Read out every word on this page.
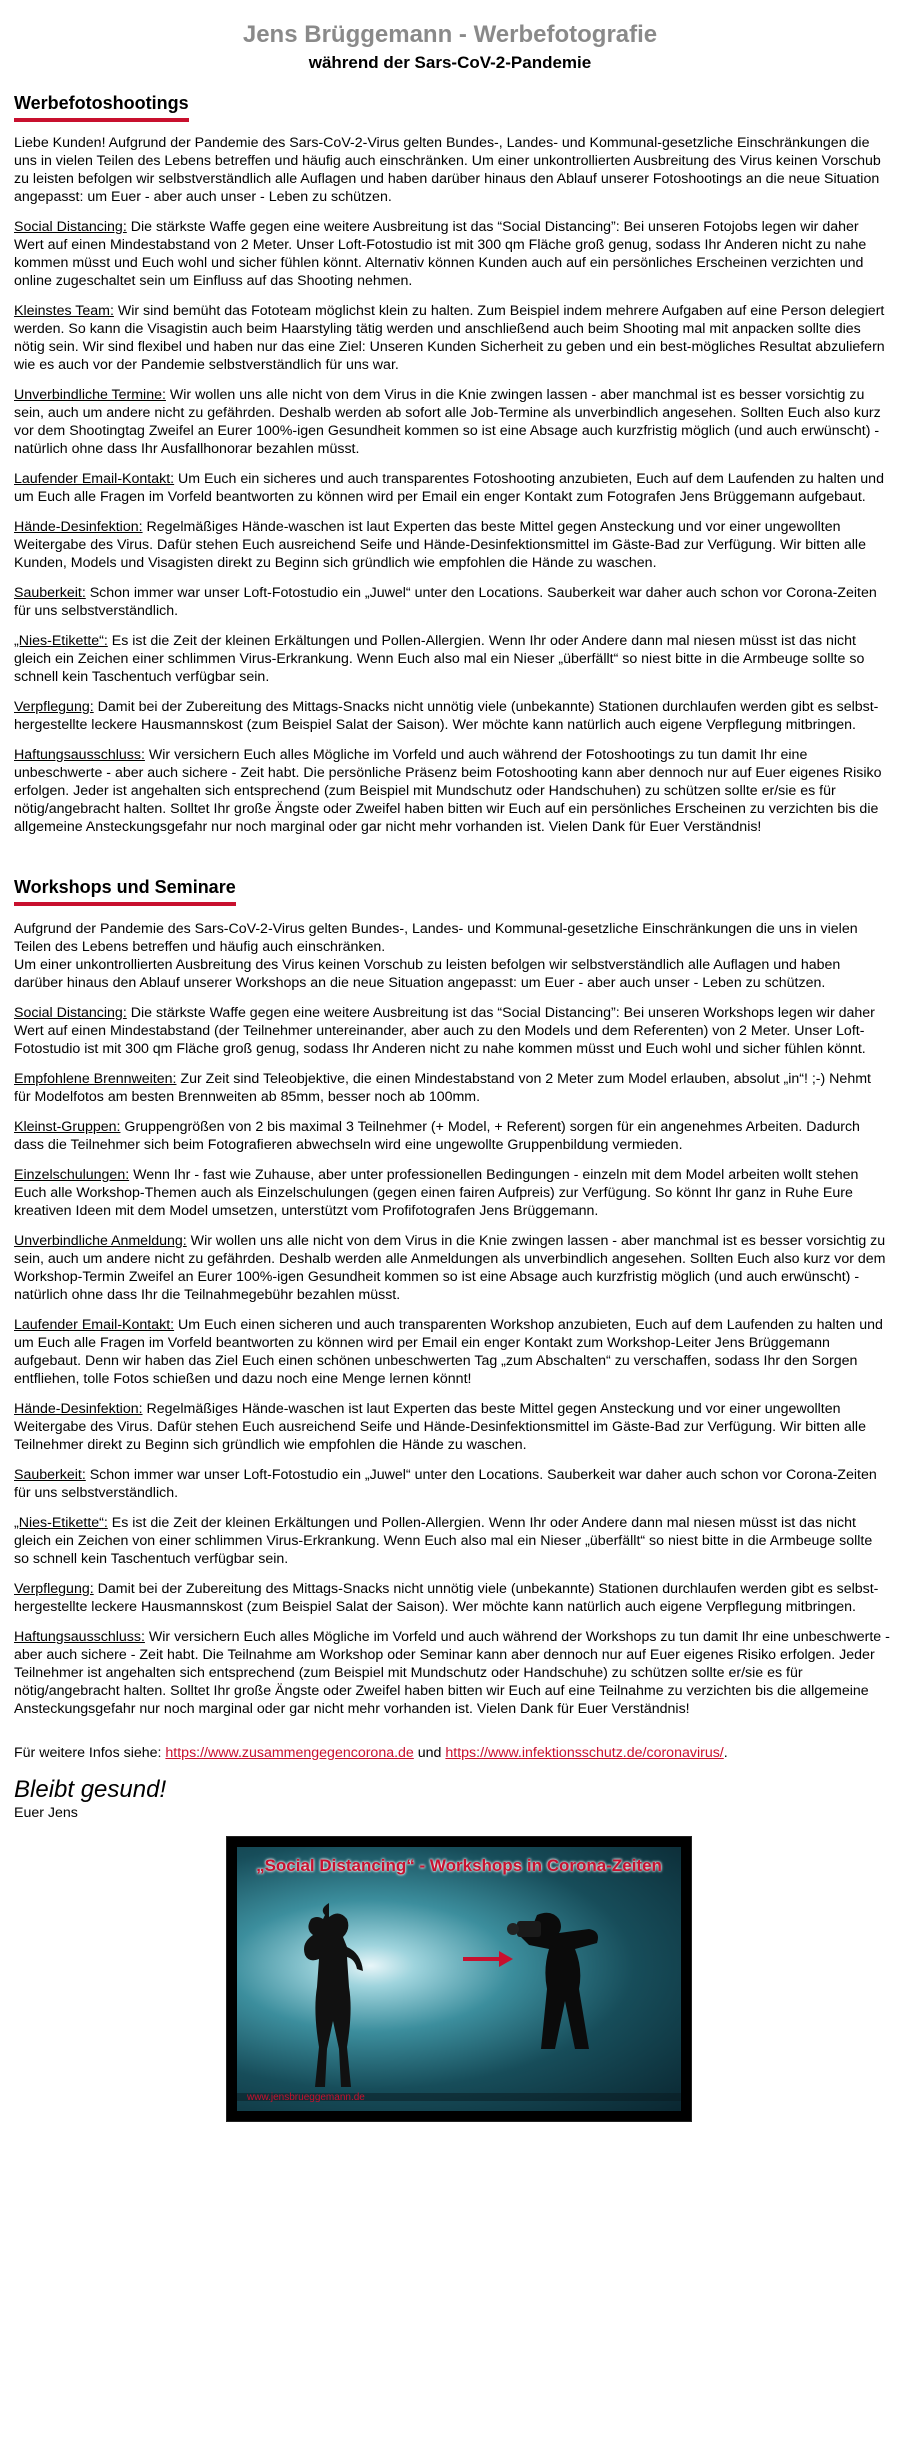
Jens Brüggemann - Werbefotografie
während der Sars-CoV-2-Pandemie
Werbefotoshootings

Liebe Kunden! Aufgrund der Pandemie des Sars-CoV-2-Virus gelten Bundes-, Landes- und Kommunal-gesetzliche Einschränkungen die uns in vielen Teilen des Lebens betreffen und häufig auch einschränken. Um einer unkontrollierten Ausbreitung des Virus keinen Vorschub zu leisten befolgen wir selbstverständlich alle Auflagen und haben darüber hinaus den Ablauf unserer Fotoshootings an die neue Situation angepasst: um Euer - aber auch unser - Leben zu schützen.

Social Distancing: Die stärkste Waffe gegen eine weitere Ausbreitung ist das “Social Distancing”: Bei unseren Fotojobs legen wir daher Wert auf einen Mindestabstand von 2 Meter. Unser Loft-Fotostudio ist mit 300 qm Fläche groß genug, sodass Ihr Anderen nicht zu nahe kommen müsst und Euch wohl und sicher fühlen könnt. Alternativ können Kunden auch auf ein persönliches Erscheinen verzichten und online zugeschaltet sein um Einfluss auf das Shooting nehmen.

Kleinstes Team: Wir sind bemüht das Fototeam möglichst klein zu halten. Zum Beispiel indem mehrere Aufgaben auf eine Person delegiert werden. So kann die Visagistin auch beim Haarstyling tätig werden und anschließend auch beim Shooting mal mit anpacken sollte dies nötig sein. Wir sind flexibel und haben nur das eine Ziel: Unseren Kunden Sicherheit zu geben und ein best-mögliches Resultat abzuliefern wie es auch vor der Pandemie selbstverständlich für uns war.

Unverbindliche Termine: Wir wollen uns alle nicht von dem Virus in die Knie zwingen lassen - aber manchmal ist es besser vorsichtig zu sein, auch um andere nicht zu gefährden. Deshalb werden ab sofort alle Job-Termine als unverbindlich angesehen. Sollten Euch also kurz vor dem Shootingtag Zweifel an Eurer 100%-igen Gesundheit kommen so ist eine Absage auch kurzfristig möglich (und auch erwünscht) - natürlich ohne dass Ihr Ausfallhonorar bezahlen müsst.

Laufender Email-Kontakt: Um Euch ein sicheres und auch transparentes Fotoshooting anzubieten, Euch auf dem Laufenden zu halten und um Euch alle Fragen im Vorfeld beantworten zu können wird per Email ein enger Kontakt zum Fotografen Jens Brüggemann aufgebaut.

Hände-Desinfektion: Regelmäßiges Hände-waschen ist laut Experten das beste Mittel gegen Ansteckung und vor einer ungewollten Weitergabe des Virus. Dafür stehen Euch ausreichend Seife und Hände-Desinfektionsmittel im Gäste-Bad zur Verfügung. Wir bitten alle Kunden, Models und Visagisten direkt zu Beginn sich gründlich wie empfohlen die Hände zu waschen.

Sauberkeit: Schon immer war unser Loft-Fotostudio ein „Juwel“ unter den Locations. Sauberkeit war daher auch schon vor Corona-Zeiten für uns selbstverständlich.

„Nies-Etikette“: Es ist die Zeit der kleinen Erkältungen und Pollen-Allergien. Wenn Ihr oder Andere dann mal niesen müsst ist das nicht gleich ein Zeichen einer schlimmen Virus-Erkrankung. Wenn Euch also mal ein Nieser „überfällt“ so niest bitte in die Armbeuge sollte so schnell kein Taschentuch verfügbar sein.

Verpflegung: Damit bei der Zubereitung des Mittags-Snacks nicht unnötig viele (unbekannte) Stationen durchlaufen werden gibt es selbst-hergestellte leckere Hausmannskost (zum Beispiel Salat der Saison). Wer möchte kann natürlich auch eigene Verpflegung mitbringen.

Haftungsausschluss: Wir versichern Euch alles Mögliche im Vorfeld und auch während der Fotoshootings zu tun damit Ihr eine unbeschwerte - aber auch sichere - Zeit habt. Die persönliche Präsenz beim Fotoshooting kann aber dennoch nur auf Euer eigenes Risiko erfolgen. Jeder ist angehalten sich entsprechend (zum Beispiel mit Mundschutz oder Handschuhen) zu schützen sollte er/sie es für nötig/angebracht halten. Solltet Ihr große Ängste oder Zweifel haben bitten wir Euch auf ein persönliches Erscheinen zu verzichten bis die allgemeine Ansteckungsgefahr nur noch marginal oder gar nicht mehr vorhanden ist. Vielen Dank für Euer Verständnis!

Workshops und Seminare

Aufgrund der Pandemie des Sars-CoV-2-Virus gelten Bundes-, Landes- und Kommunal-gesetzliche Einschränkungen die uns in vielen Teilen des Lebens betreffen und häufig auch einschränken.
Um einer unkontrollierten Ausbreitung des Virus keinen Vorschub zu leisten befolgen wir selbstverständlich alle Auflagen und haben darüber hinaus den Ablauf unserer Workshops an die neue Situation angepasst: um Euer - aber auch unser - Leben zu schützen.

Social Distancing: Die stärkste Waffe gegen eine weitere Ausbreitung ist das “Social Distancing”: Bei unseren Workshops legen wir daher Wert auf einen Mindestabstand (der Teilnehmer untereinander, aber auch zu den Models und dem Referenten) von 2 Meter. Unser Loft-Fotostudio ist mit 300 qm Fläche groß genug, sodass Ihr Anderen nicht zu nahe kommen müsst und Euch wohl und sicher fühlen könnt.

Empfohlene Brennweiten: Zur Zeit sind Teleobjektive, die einen Mindestabstand von 2 Meter zum Model erlauben, absolut „in“! ;-) Nehmt für Modelfotos am besten Brennweiten ab 85mm, besser noch ab 100mm.

Kleinst-Gruppen: Gruppengrößen von 2 bis maximal 3 Teilnehmer (+ Model, + Referent) sorgen für ein angenehmes Arbeiten. Dadurch dass die Teilnehmer sich beim Fotografieren abwechseln wird eine ungewollte Gruppenbildung vermieden.

Einzelschulungen: Wenn Ihr - fast wie Zuhause, aber unter professionellen Bedingungen - einzeln mit dem Model arbeiten wollt stehen Euch alle Workshop-Themen auch als Einzelschulungen (gegen einen fairen Aufpreis) zur Verfügung. So könnt Ihr ganz in Ruhe Eure kreativen Ideen mit dem Model umsetzen, unterstützt vom Profifotografen Jens Brüggemann.

Unverbindliche Anmeldung: Wir wollen uns alle nicht von dem Virus in die Knie zwingen lassen - aber manchmal ist es besser vorsichtig zu sein, auch um andere nicht zu gefährden. Deshalb werden alle Anmeldungen als unverbindlich angesehen. Sollten Euch also kurz vor dem Workshop-Termin Zweifel an Eurer 100%-igen Gesundheit kommen so ist eine Absage auch kurzfristig möglich (und auch erwünscht) - natürlich ohne dass Ihr die Teilnahmegebühr bezahlen müsst.

Laufender Email-Kontakt: Um Euch einen sicheren und auch transparenten Workshop anzubieten, Euch auf dem Laufenden zu halten und um Euch alle Fragen im Vorfeld beantworten zu können wird per Email ein enger Kontakt zum Workshop-Leiter Jens Brüggemann aufgebaut. Denn wir haben das Ziel Euch einen schönen unbeschwerten Tag „zum Abschalten“ zu verschaffen, sodass Ihr den Sorgen entfliehen, tolle Fotos schießen und dazu noch eine Menge lernen könnt!

Hände-Desinfektion: Regelmäßiges Hände-waschen ist laut Experten das beste Mittel gegen Ansteckung und vor einer ungewollten Weitergabe des Virus. Dafür stehen Euch ausreichend Seife und Hände-Desinfektionsmittel im Gäste-Bad zur Verfügung. Wir bitten alle Teilnehmer direkt zu Beginn sich gründlich wie empfohlen die Hände zu waschen.

Sauberkeit: Schon immer war unser Loft-Fotostudio ein „Juwel“ unter den Locations. Sauberkeit war daher auch schon vor Corona-Zeiten für uns selbstverständlich.

„Nies-Etikette“: Es ist die Zeit der kleinen Erkältungen und Pollen-Allergien. Wenn Ihr oder Andere dann mal niesen müsst ist das nicht gleich ein Zeichen von einer schlimmen Virus-Erkrankung. Wenn Euch also mal ein Nieser „überfällt“ so niest bitte in die Armbeuge sollte so schnell kein Taschentuch verfügbar sein.

Verpflegung: Damit bei der Zubereitung des Mittags-Snacks nicht unnötig viele (unbekannte) Stationen durchlaufen werden gibt es selbst-hergestellte leckere Hausmannskost (zum Beispiel Salat der Saison). Wer möchte kann natürlich auch eigene Verpflegung mitbringen.

Haftungsausschluss: Wir versichern Euch alles Mögliche im Vorfeld und auch während der Workshops zu tun damit Ihr eine unbeschwerte - aber auch sichere - Zeit habt. Die Teilnahme am Workshop oder Seminar kann aber dennoch nur auf Euer eigenes Risiko erfolgen. Jeder Teilnehmer ist angehalten sich entsprechend (zum Beispiel mit Mundschutz oder Handschuhe) zu schützen sollte er/sie es für nötig/angebracht halten. Solltet Ihr große Ängste oder Zweifel haben bitten wir Euch auf eine Teilnahme zu verzichten bis die allgemeine Ansteckungsgefahr nur noch marginal oder gar nicht mehr vorhanden ist. Vielen Dank für Euer Verständnis!

Für weitere Infos siehe: https://www.zusammengegencorona.de und https://www.infektionsschutz.de/coronavirus/.

Bleibt gesund!
Euer Jens
„Social Distancing“ - Workshops in Corona-Zeiten
www.jensbrueggemann.de
